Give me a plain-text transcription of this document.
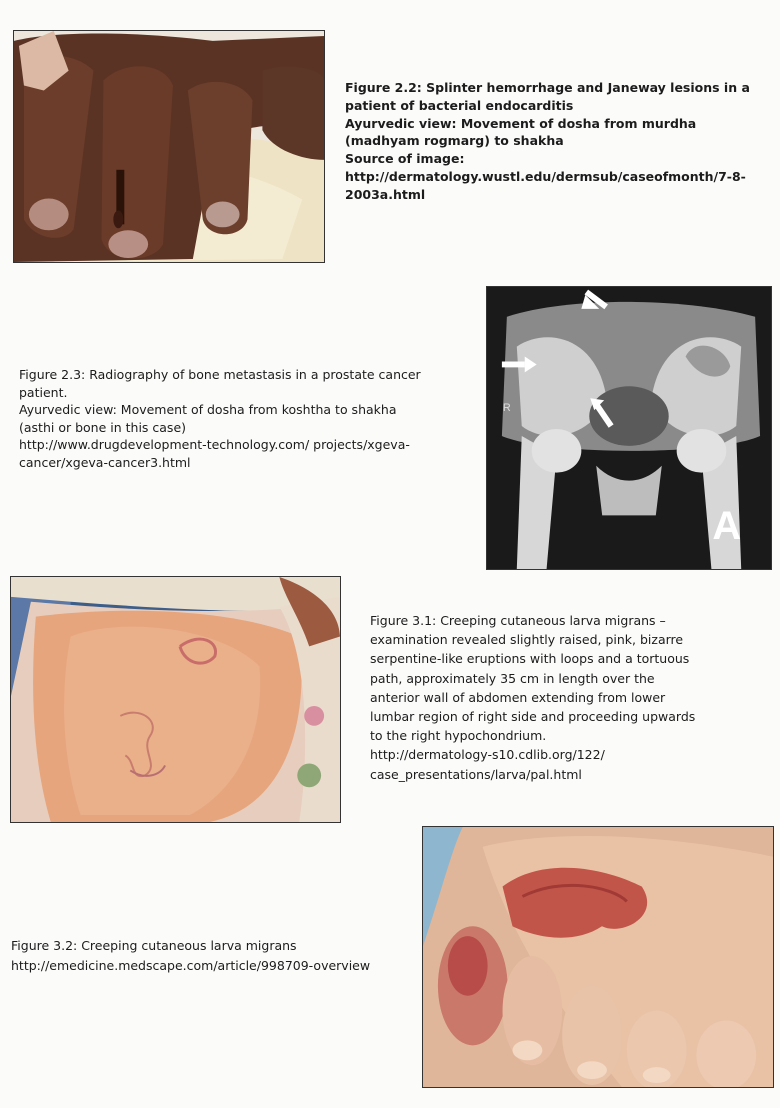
Figure 2.2: Splinter hemorrhage and Janeway lesions in a
patient of bacterial endocarditis
Ayurvedic view: Movement of dosha from murdha
(madhyam rogmarg) to shakha
Source of image:
http://dermatology.wustl.edu/dermsub/caseofmonth/7-8-
2003a.html
R
A
Figure 2.3: Radiography of bone metastasis in a prostate cancer
patient.
Ayurvedic view: Movement of dosha from koshtha to shakha
(asthi or bone in this case)
http://www.drugdevelopment-technology.com/ projects/xgeva-
cancer/xgeva-cancer3.html
Figure 3.1: Creeping cutaneous larva migrans –
examination revealed slightly raised, pink, bizarre
serpentine-like eruptions with loops and a tortuous
path, approximately 35 cm in length over the
anterior wall of abdomen extending from lower
lumbar region of right side and proceeding upwards
to the right hypochondrium.
http://dermatology-s10.cdlib.org/122/
case_presentations/larva/pal.html
Figure 3.2: Creeping cutaneous larva migrans
http://emedicine.medscape.com/article/998709-overview
